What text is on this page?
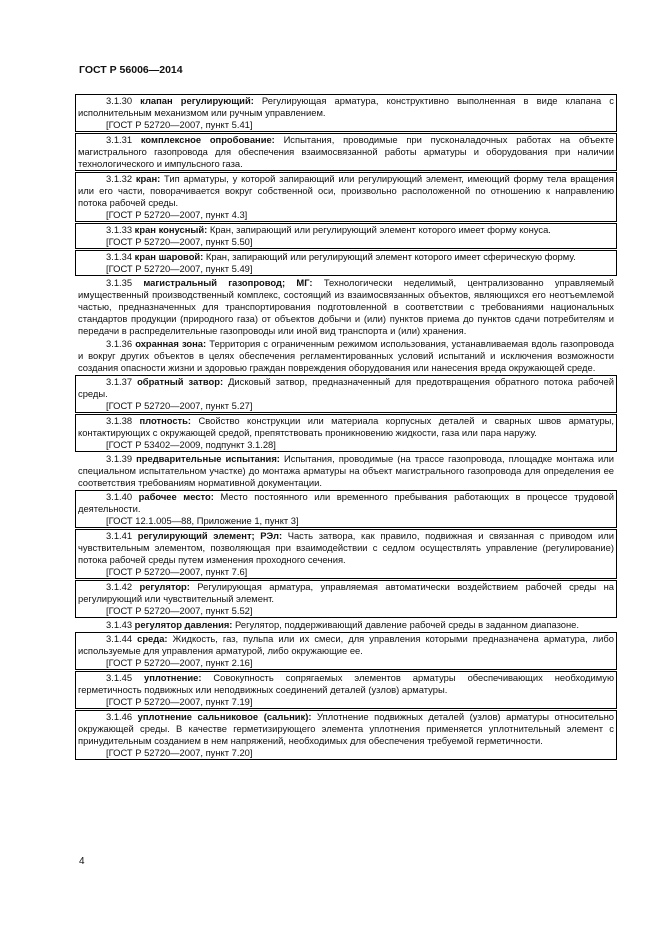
ГОСТ Р 56006—2014

3.1.30 клапан регулирующий: Регулирующая арматура, конструктивно выполненная в виде клапана с исполнительным механизмом или ручным управлением.

[ГОСТ Р 52720—2007, пункт 5.41]

3.1.31 комплексное опробование: Испытания, проводимые при пусконаладочных работах на объекте магистрального газопровода для обеспечения взаимосвязанной работы арматуры и оборудования при наличии технологического и импульсного газа.

3.1.32 кран: Тип арматуры, у которой запирающий или регулирующий элемент, имеющий форму тела вращения или его части, поворачивается вокруг собственной оси, произвольно расположенной по отношению к направлению потока рабочей среды.

[ГОСТ Р 52720—2007, пункт 4.3]

3.1.33 кран конусный: Кран, запирающий или регулирующий элемент которого имеет форму конуса.

[ГОСТ Р 52720—2007, пункт 5.50]

3.1.34 кран шаровой: Кран, запирающий или регулирующий элемент которого имеет сферическую форму.

[ГОСТ Р 52720—2007, пункт 5.49]

3.1.35 магистральный газопровод; МГ: Технологически неделимый, централизованно управляемый имущественный производственный комплекс, состоящий из взаимосвязанных объектов, являющихся его неотъемлемой частью, предназначенных для транспортирования подготовленной в соответствии с требованиями национальных стандартов продукции (природного газа) от объектов добычи и (или) пунктов приема до пунктов сдачи потребителям и передачи в распределительные газопроводы или иной вид транспорта и (или) хранения.

3.1.36 охранная зона: Территория с ограниченным режимом использования, устанавливаемая вдоль газопровода и вокруг других объектов в целях обеспечения регламентированных условий испытаний и исключения возможности создания опасности жизни и здоровью граждан повреждения оборудования или нанесения вреда окружающей среде.

3.1.37 обратный затвор: Дисковый затвор, предназначенный для предотвращения обратного потока рабочей среды.

[ГОСТ Р 52720—2007, пункт 5.27]

3.1.38 плотность: Свойство конструкции или материала корпусных деталей и сварных швов арматуры, контактирующих с окружающей средой, препятствовать проникновению жидкости, газа или пара наружу.

[ГОСТ Р 53402—2009, подпункт 3.1.28]

3.1.39 предварительные испытания: Испытания, проводимые (на трассе газопровода, площадке монтажа или специальном испытательном участке) до монтажа арматуры на объект магистрального газопровода для определения ее соответствия требованиям нормативной документации.

3.1.40 рабочее место: Место постоянного или временного пребывания работающих в процессе трудовой деятельности.

[ГОСТ 12.1.005—88, Приложение 1, пункт 3]

3.1.41 регулирующий элемент; РЭл: Часть затвора, как правило, подвижная и связанная с приводом или чувствительным элементом, позволяющая при взаимодействии с седлом осуществлять управление (регулирование) потока рабочей среды путем изменения проходного сечения.

[ГОСТ Р 52720—2007, пункт 7.6]

3.1.42 регулятор: Регулирующая арматура, управляемая автоматически воздействием рабочей среды на регулирующий или чувствительный элемент.

[ГОСТ Р 52720—2007, пункт 5.52]

3.1.43 регулятор давления: Регулятор, поддерживающий давление рабочей среды в заданном диапазоне.

3.1.44 среда: Жидкость, газ, пульпа или их смеси, для управления которыми предназначена арматура, либо используемые для управления арматурой, либо окружающие ее.

[ГОСТ Р 52720—2007, пункт 2.16]

3.1.45 уплотнение: Совокупность сопрягаемых элементов арматуры обеспечивающих необходимую герметичность подвижных или неподвижных соединений деталей (узлов) арматуры.

[ГОСТ Р 52720—2007, пункт 7.19]

3.1.46 уплотнение сальниковое (сальник): Уплотнение подвижных деталей (узлов) арматуры относительно окружающей среды. В качестве герметизирующего элемента уплотнения применяется уплотнительный элемент с принудительным созданием в нем напряжений, необходимых для обеспечения требуемой герметичности.

[ГОСТ Р 52720—2007, пункт 7.20]

4
